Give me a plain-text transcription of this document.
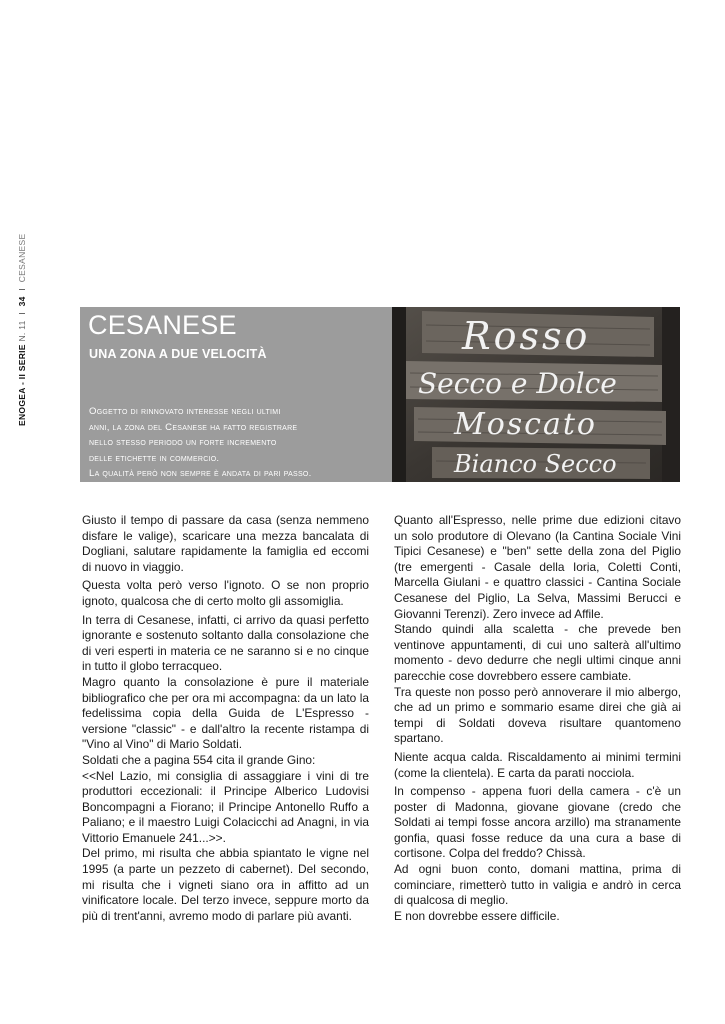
ENOGEA - II SERIE N. 11 I 34 I CESANESE
CESANESE
UNA ZONA A DUE VELOCITÀ
Oggetto di rinnovato interesse negli ultimi
anni, la zona del Cesanese ha fatto registrare
nello stesso periodo un forte incremento
delle etichette in commercio.
La qualità però non sempre è andata di pari passo.
Rosso
Secco e Dolce
Moscato
Bianco Secco

Giusto il tempo di passare da casa (senza nemmeno disfare le valige), scaricare una mezza bancalata di Dogliani, salutare rapidamente la famiglia ed eccomi di nuovo in viaggio.

Questa volta però verso l'ignoto. O se non proprio ignoto, qualcosa che di certo molto gli assomiglia.

In terra di Cesanese, infatti, ci arrivo da quasi perfetto ignorante e sostenuto soltanto dalla consolazione che di veri esperti in materia ce ne saranno si e no cinque in tutto il globo terracqueo.

Magro quanto la consolazione è pure il materiale bibliografico che per ora mi accompagna: da un lato la fedelissima copia della Guida de L'Espresso - versione "classic" - e dall'altro la recente ristampa di "Vino al Vino" di Mario Soldati.

Soldati che a pagina 554 cita il grande Gino:

<<Nel Lazio, mi consiglia di assaggiare i vini di tre produttori eccezionali: il Principe Alberico Ludovisi Boncompagni a Fiorano; il Principe Antonello Ruffo a Paliano; e il maestro Luigi Colacicchi ad Anagni, in via Vittorio Emanuele 241...>>.

Del primo, mi risulta che abbia spiantato le vigne nel 1995 (a parte un pezzeto di cabernet). Del secondo, mi risulta che i vigneti siano ora in affitto ad un vinificatore locale. Del terzo invece, seppure morto da più di trent'anni, avremo modo di parlare più avanti.

Quanto all'Espresso, nelle prime due edizioni citavo un solo produtore di Olevano (la Cantina Sociale Vini Tipici Cesanese) e "ben" sette della zona del Piglio (tre emergenti - Casale della Ioria, Coletti Conti, Marcella Giulani - e quattro classici - Cantina Sociale Cesanese del Piglio, La Selva, Massimi Berucci e Giovanni Terenzi). Zero invece ad Affile.

Stando quindi alla scaletta - che prevede ben ventinove appuntamenti, di cui uno salterà all'ultimo momento - devo dedurre che negli ultimi cinque anni parecchie cose dovrebbero essere cambiate.

Tra queste non posso però annoverare il mio albergo, che ad un primo e sommario esame direi che già ai tempi di Soldati doveva risultare quantomeno spartano.

Niente acqua calda. Riscaldamento ai minimi termini (come la clientela). E carta da parati nocciola.

In compenso - appena fuori della camera - c'è un poster di Madonna, giovane giovane (credo che Soldati ai tempi fosse ancora arzillo) ma stranamente gonfia, quasi fosse reduce da una cura a base di cortisone. Colpa del freddo? Chissà.

Ad ogni buon conto, domani mattina, prima di cominciare, rimetterò tutto in valigia e andrò in cerca di qualcosa di meglio.

E non dovrebbe essere difficile.
